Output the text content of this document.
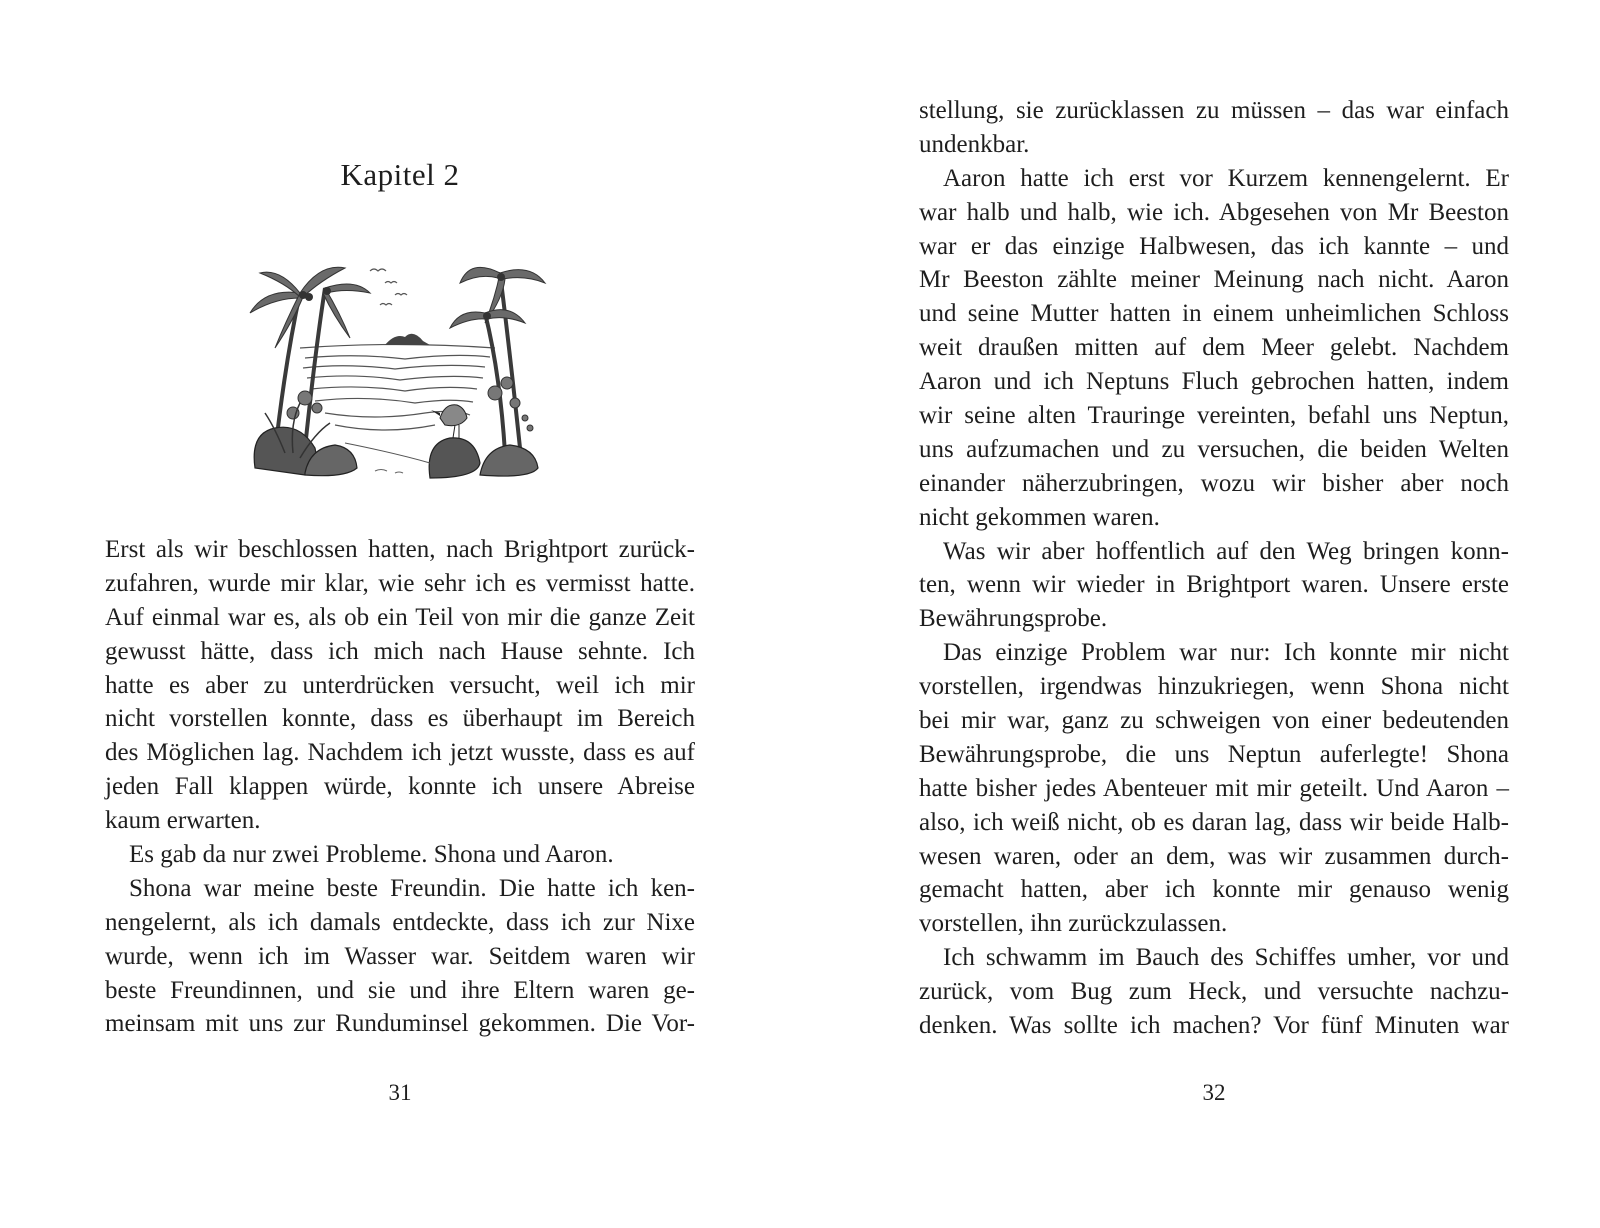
Kapitel 2
Erst als wir beschlossen hatten, nach Brightport zurück-
zufahren, wurde mir klar, wie sehr ich es vermisst hatte.
Auf einmal war es, als ob ein Teil von mir die ganze Zeit
gewusst hätte, dass ich mich nach Hause sehnte. Ich
hatte es aber zu unterdrücken versucht, weil ich mir
nicht vorstellen konnte, dass es überhaupt im Bereich
des Möglichen lag. Nachdem ich jetzt wusste, dass es auf
jeden Fall klappen würde, konnte ich unsere Abreise
kaum erwarten.
Es gab da nur zwei Probleme. Shona und Aaron.
Shona war meine beste Freundin. Die hatte ich ken-
nengelernt, als ich damals entdeckte, dass ich zur Nixe
wurde, wenn ich im Wasser war. Seitdem waren wir
beste Freundinnen, und sie und ihre Eltern waren ge-
meinsam mit uns zur Runduminsel gekommen. Die Vor-
31
stellung, sie zurücklassen zu müssen – das war einfach
undenkbar.
Aaron hatte ich erst vor Kurzem kennengelernt. Er
war halb und halb, wie ich. Abgesehen von Mr Beeston
war er das einzige Halbwesen, das ich kannte – und
Mr Beeston zählte meiner Meinung nach nicht. Aaron
und seine Mutter hatten in einem unheimlichen Schloss
weit draußen mitten auf dem Meer gelebt. Nachdem
Aaron und ich Neptuns Fluch gebrochen hatten, indem
wir seine alten Trauringe vereinten, befahl uns Neptun,
uns aufzumachen und zu versuchen, die beiden Welten
einander näherzubringen, wozu wir bisher aber noch
nicht gekommen waren.
Was wir aber hoffentlich auf den Weg bringen konn-
ten, wenn wir wieder in Brightport waren. Unsere erste
Bewährungsprobe.
Das einzige Problem war nur: Ich konnte mir nicht
vorstellen, irgendwas hinzukriegen, wenn Shona nicht
bei mir war, ganz zu schweigen von einer bedeutenden
Bewährungsprobe, die uns Neptun auferlegte! Shona
hatte bisher jedes Abenteuer mit mir geteilt. Und Aaron –
also, ich weiß nicht, ob es daran lag, dass wir beide Halb-
wesen waren, oder an dem, was wir zusammen durch-
gemacht hatten, aber ich konnte mir genauso wenig
vorstellen, ihn zurückzulassen.
Ich schwamm im Bauch des Schiffes umher, vor und
zurück, vom Bug zum Heck, und versuchte nachzu-
denken. Was sollte ich machen? Vor fünf Minuten war
32
